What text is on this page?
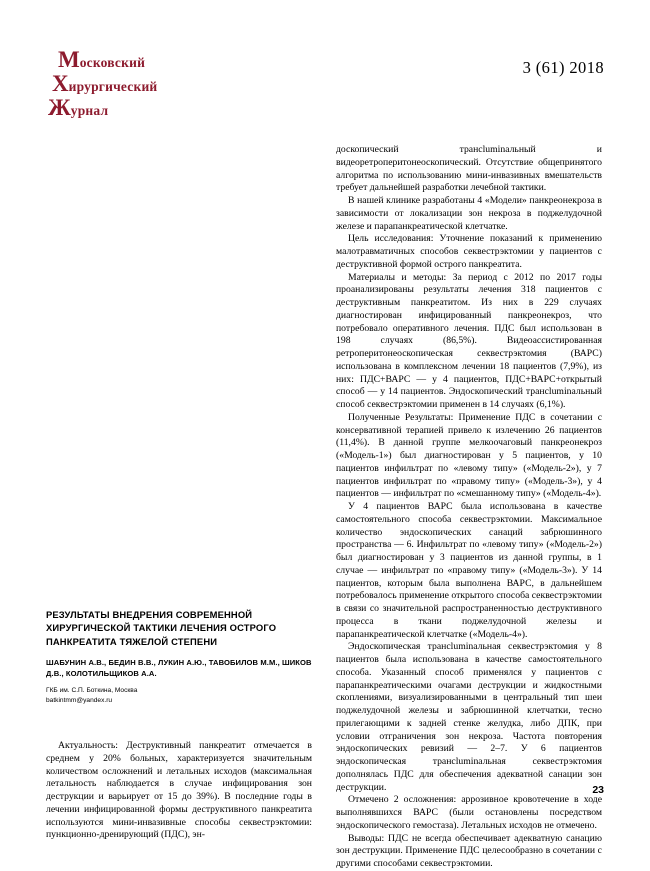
Московский
Хирургический
Журнал
3 (61) 2018
РЕЗУЛЬТАТЫ ВНЕДРЕНИЯ СОВРЕМЕННОЙ ХИРУРГИЧЕСКОЙ ТАКТИКИ ЛЕЧЕНИЯ ОСТРОГО ПАНКРЕАТИТА ТЯЖЕЛОЙ СТЕПЕНИ
ШАБУНИН А.В., БЕДИН В.В., ЛУКИН А.Ю., ТАВОБИЛОВ М.М., ШИКОВ Д.В., КОЛОТИЛЬЩИКОВ А.А.
ГКБ им. С.П. Боткина, Москва
batkintmm@yandex.ru

Актуальность: Деструктивный панкреатит отмечается в среднем у 20% больных, характеризуется значительным количеством осложнений и летальных исходов (максимальная летальность наблюдается в случае инфицирования зон деструкции и варьирует от 15 до 39%). В последние годы в лечении инфицированной формы деструктивного панкреатита используются мини-инвазивные способы секвестрэктомии: пункционно-дренирующий (ПДС), эн-

доскопический трансluminальный и видеоретроперитонеоскопический. Отсутствие общепринятого алгоритма по использованию мини-инвазивных вмешательств требует дальнейшей разработки лечебной тактики.

В нашей клинике разработаны 4 «Модели» панкреонекроза в зависимости от локализации зон некроза в поджелудочной железе и парапанкреатической клетчатке.

Цель исследования: Уточнение показаний к применению малотравматичных способов секвестрэктомии у пациентов с деструктивной формой острого панкреатита.

Материалы и методы: За период с 2012 по 2017 годы проанализированы результаты лечения 318 пациентов с деструктивным панкреатитом. Из них в 229 случаях диагностирован инфицированный панкреонекроз, что потребовало оперативного лечения. ПДС был использован в 198 случаях (86,5%). Видеоассистированная ретроперитонеоскопическая секвестрэктомия (ВАРС) использована в комплексном лечении 18 пациентов (7,9%), из них: ПДС+ВАРС — у 4 пациентов, ПДС+ВАРС+открытый способ — у 14 пациентов. Эндоскопический трансluminальный способ секвестрэктомии применен в 14 случаях (6,1%).

Полученные Результаты: Применение ПДС в сочетании с консервативной терапией привело к излечению 26 пациентов (11,4%). В данной группе мелкоочаговый панкреонекроз («Модель-1») был диагностирован у 5 пациентов, у 10 пациентов инфильтрат по «левому типу» («Модель-2»), у 7 пациентов инфильтрат по «правому типу» («Модель-3»), у 4 пациентов — инфильтрат по «смешанному типу» («Модель-4»).

У 4 пациентов ВАРС была использована в качестве самостоятельного способа секвестрэктомии. Максимальное количество эндоскопических санаций забрюшинного пространства — 6. Инфильтрат по «левому типу» («Модель-2») был диагностирован у 3 пациентов из данной группы, в 1 случае — инфильтрат по «правому типу» («Модель-3»). У 14 пациентов, которым была выполнена ВАРС, в дальнейшем потребовалось применение открытого способа секвестрэктомии в связи со значительной распространенностью деструктивного процесса в ткани поджелудочной железы и парапанкреатической клетчатке («Модель-4»).

Эндоскопическая трансluminальная секвестрэктомия у 8 пациентов была использована в качестве самостоятельного способа. Указанный способ применялся у пациентов с парапанкреатическими очагами деструкции и жидкостными скоплениями, визуализированными в центральный тип шеи поджелудочной железы и забрюшинной клетчатки, тесно прилегающими к задней стенке желудка, либо ДПК, при условии отграничения зон некроза. Частота повторения эндоскопических ревизий — 2–7. У 6 пациентов эндоскопическая трансluminальная секвестрэктомия дополнялась ПДС для обеспечения адекватной санации зон деструкции.

Отмечено 2 осложнения: аррозивное кровотечение в ходе выполнявшихся ВАРС (были остановлены посредством эндоскопического гемостаза). Летальных исходов не отмечено.

Выводы: ПДС не всегда обеспечивает адекватную санацию зон деструкции. Применение ПДС целесообразно в сочетании с другими способами секвестрэктомии.

23
